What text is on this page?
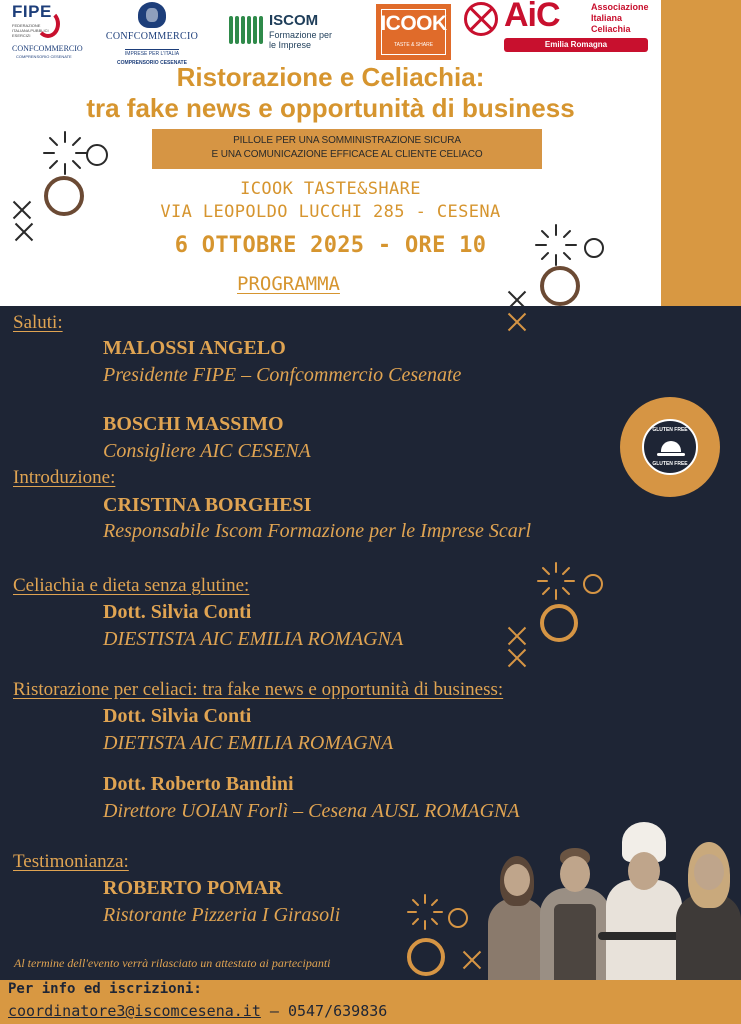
FIPE
FEDERAZIONE ITALIANA PUBBLICI ESERCIZI
CONFCOMMERCIO
COMPRENSORIO CESENATE
CONFCOMMERCIO
IMPRESE PER L'ITALIA
COMPRENSORIO CESENATE
ISCOM
Formazione per le Imprese
ICOOK
TASTE & SHARE
AiC	Associazione Italiana Celiachia
Emilia Romagna
Ristorazione e Celiachia:
tra fake news e opportunità di business
PILLOLE PER UNA SOMMINISTRAZIONE SICURA
E UNA COMUNICAZIONE EFFICACE AL CLIENTE CELIACO
ICOOK TASTE&SHARE
VIA LEOPOLDO LUCCHI 285 - CESENA
6 OTTOBRE 2025 - ORE 10
PROGRAMMA
Saluti:
MALOSSI ANGELO
Presidente FIPE – Confcommercio Cesenate
BOSCHI MASSIMO
Consigliere AIC CESENA
Introduzione:
CRISTINA BORGHESI
Responsabile Iscom Formazione per le Imprese Scarl
Celiachia e dieta senza glutine:
Dott. Silvia Conti
DIESTISTA AIC EMILIA ROMAGNA
Ristorazione per celiaci: tra fake news e opportunità di business:
Dott. Silvia Conti
DIETISTA AIC EMILIA ROMAGNA
Dott. Roberto Bandini
Direttore UOIAN Forlì – Cesena AUSL ROMAGNA
Testimonianza:
ROBERTO POMAR
Ristorante Pizzeria I Girasoli
Al termine dell'evento verrà rilasciato un attestato ai partecipanti
GLUTEN FREE
GLUTEN FREE
Per info ed iscrizioni:
coordinatore3@iscomcesena.it – 0547/639836
